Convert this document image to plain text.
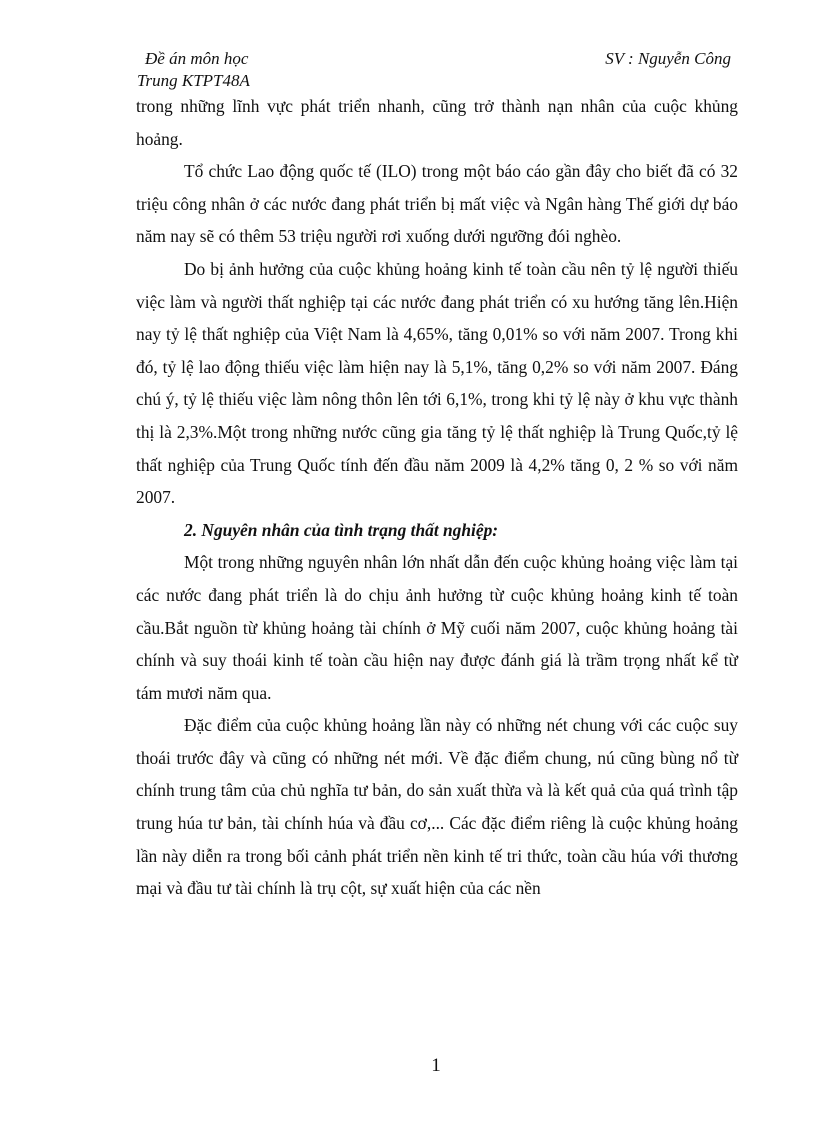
Đề án môn học
Trung KTPT48A
SV : Nguyễn Công

trong những lĩnh vực phát triển nhanh, cũng trở thành nạn nhân của cuộc khủng hoảng.

Tổ chức Lao động quốc tế (ILO) trong một báo cáo gần đây cho biết đã có 32 triệu công nhân ở các nước đang phát triển bị mất việc và Ngân hàng Thế giới dự báo năm nay sẽ có thêm 53 triệu người rơi xuống dưới ngưỡng đói nghèo.

Do bị ảnh hưởng của cuộc khủng hoảng kinh tế toàn cầu nên tỷ lệ người thiếu việc làm và người thất nghiệp tại các nước đang phát triển có xu hướng tăng lên.Hiện nay tỷ lệ thất nghiệp của Việt Nam là 4,65%, tăng 0,01% so với năm 2007. Trong khi đó, tỷ lệ lao động thiếu việc làm hiện nay là 5,1%, tăng 0,2% so với năm 2007. Đáng chú ý, tỷ lệ thiếu việc làm nông thôn lên tới 6,1%, trong khi tỷ lệ này ở khu vực thành thị là 2,3%.Một trong những nước cũng gia tăng tỷ lệ thất nghiệp là Trung Quốc,tỷ lệ thất nghiệp của Trung Quốc tính đến đầu năm 2009 là 4,2% tăng 0, 2 % so với năm 2007.

2. Nguyên nhân của tình trạng thất nghiệp:

Một trong những nguyên nhân lớn nhất dẫn đến cuộc khủng hoảng việc làm tại các nước đang phát triển là do chịu ảnh hưởng từ cuộc khủng hoảng kinh tế toàn cầu.Bắt nguồn từ khủng hoảng tài chính ở Mỹ cuối năm 2007, cuộc khủng hoảng tài chính và suy thoái kinh tế toàn cầu hiện nay được đánh giá là trầm trọng nhất kể từ tám mươi năm qua.

Đặc điểm của cuộc khủng hoảng lần này có những nét chung với các cuộc suy thoái trước đây và cũng có những nét mới. Về đặc điểm chung, nú cũng bùng nổ từ chính trung tâm của chủ nghĩa tư bản, do sản xuất thừa và là kết quả của quá trình tập trung húa tư bản, tài chính húa và đầu cơ,... Các đặc điểm riêng là cuộc khủng hoảng lần này diễn ra trong bối cảnh phát triển nền kinh tế tri thức, toàn cầu húa với thương mại và đầu tư tài chính là trụ cột, sự xuất hiện của các nền

1
